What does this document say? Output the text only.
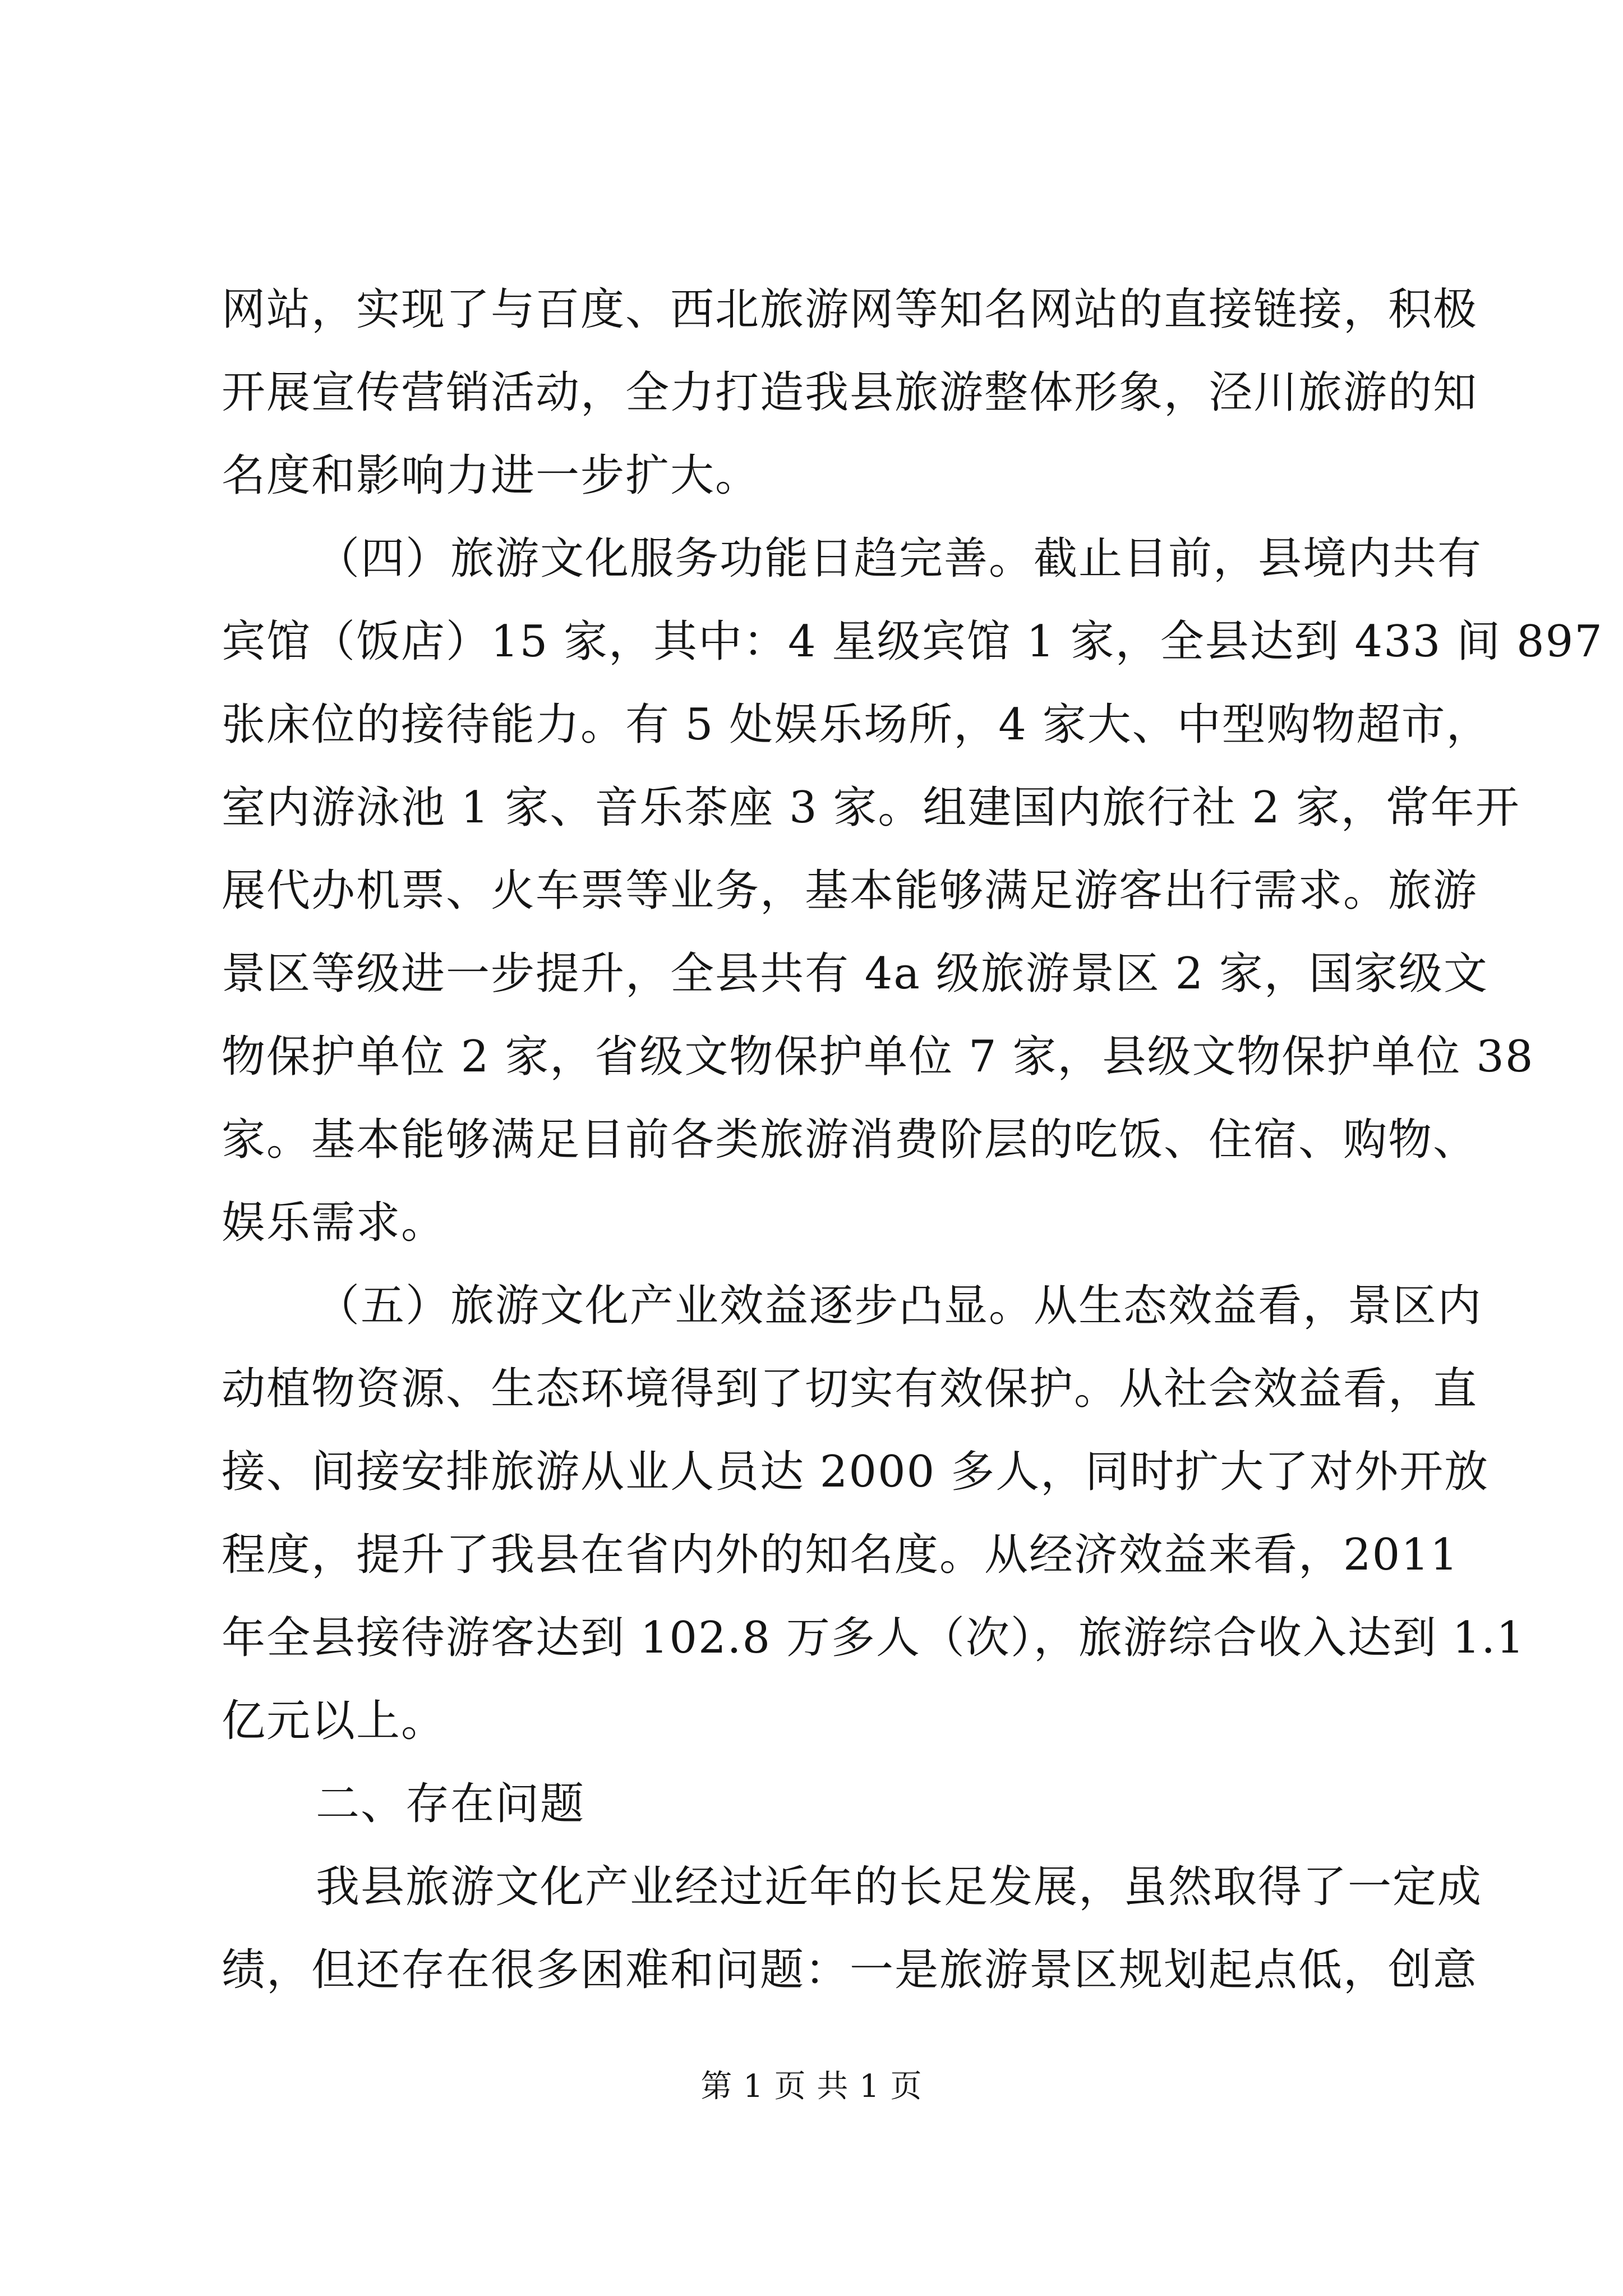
网站，实现了与百度、西北旅游网等知名网站的直接链接，积极
开展宣传营销活动，全力打造我县旅游整体形象，泾川旅游的知
名度和影响力进一步扩大。
（四）旅游文化服务功能日趋完善。截止目前，县境内共有
宾馆（饭店）15 家，其中：4 星级宾馆 1 家，全县达到 433 间 897
张床位的接待能力。有 5 处娱乐场所，4 家大、中型购物超市，
室内游泳池 1 家、音乐茶座 3 家。组建国内旅行社 2 家，常年开
展代办机票、火车票等业务，基本能够满足游客出行需求。旅游
景区等级进一步提升，全县共有 4a 级旅游景区 2 家，国家级文
物保护单位 2 家，省级文物保护单位 7 家，县级文物保护单位 38
家。基本能够满足目前各类旅游消费阶层的吃饭、住宿、购物、
娱乐需求。
（五）旅游文化产业效益逐步凸显。从生态效益看，景区内
动植物资源、生态环境得到了切实有效保护。从社会效益看，直
接、间接安排旅游从业人员达 2000 多人，同时扩大了对外开放
程度，提升了我县在省内外的知名度。从经济效益来看，2011
年全县接待游客达到 102.8 万多人（次），旅游综合收入达到 1.1
亿元以上。
二、存在问题
我县旅游文化产业经过近年的长足发展，虽然取得了一定成
绩，但还存在很多困难和问题：一是旅游景区规划起点低，创意
第 1 页 共 1 页
